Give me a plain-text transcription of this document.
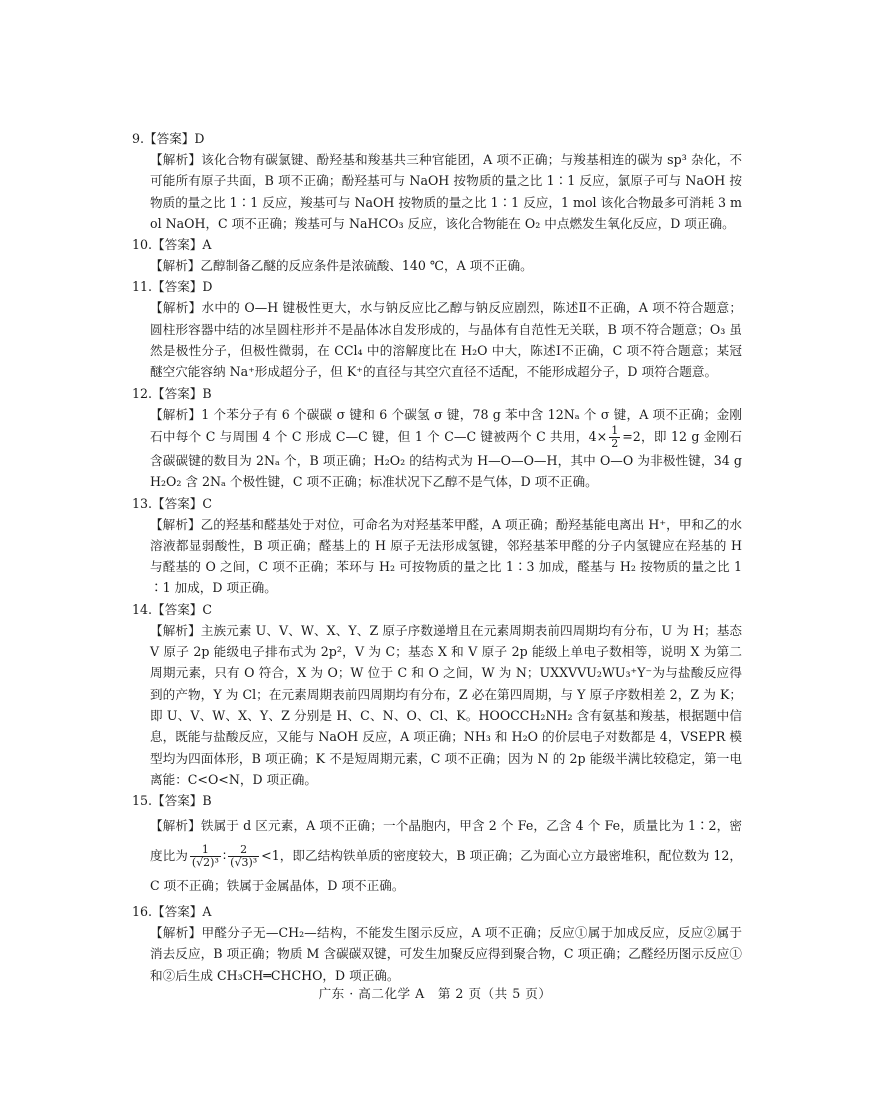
9.【答案】D

【解析】该化合物有碳氯键、酚羟基和羧基共三种官能团，A 项不正确；与羧基相连的碳为 sp³ 杂化，不可能所有原子共面，B 项不正确；酚羟基可与 NaOH 按物质的量之比 1∶1 反应，氯原子可与 NaOH 按物质的量之比 1∶1 反应，羧基可与 NaOH 按物质的量之比 1∶1 反应，1 mol 该化合物最多可消耗 3 mol NaOH，C 项不正确；羧基可与 NaHCO₃ 反应，该化合物能在 O₂ 中点燃发生氧化反应，D 项正确。

10.【答案】A

【解析】乙醇制备乙醚的反应条件是浓硫酸、140 ℃，A 项不正确。

11.【答案】D

【解析】水中的 O—H 键极性更大，水与钠反应比乙醇与钠反应剧烈，陈述Ⅱ不正确，A 项不符合题意；圆柱形容器中结的冰呈圆柱形并不是晶体冰自发形成的，与晶体有自范性无关联，B 项不符合题意；O₃ 虽然是极性分子，但极性微弱，在 CCl₄ 中的溶解度比在 H₂O 中大，陈述Ⅰ不正确，C 项不符合题意；某冠醚空穴能容纳 Na⁺形成超分子，但 K⁺的直径与其空穴直径不适配，不能形成超分子，D 项符合题意。

12.【答案】B

【解析】1 个苯分子有 6 个碳碳 σ 键和 6 个碳氢 σ 键，78 g 苯中含 12Nₐ 个 σ 键，A 项不正确；金刚石中每个 C 与周围 4 个 C 形成 C—C 键，但 1 个 C—C 键被两个 C 共用，$4\times \frac{1}{2} =2$，即 12 g 金刚石含碳碳键的数目为 2Nₐ 个，B 项正确；H₂O₂ 的结构式为 H—O—O—H，其中 O—O 为非极性键，34 g H₂O₂ 含 2Nₐ 个极性键，C 项不正确；标准状况下乙醇不是气体，D 项不正确。

13.【答案】C

【解析】乙的羟基和醛基处于对位，可命名为对羟基苯甲醛，A 项正确；酚羟基能电离出 H⁺，甲和乙的水溶液都显弱酸性，B 项正确；醛基上的 H 原子无法形成氢键，邻羟基苯甲醛的分子内氢键应在羟基的 H 与醛基的 O 之间，C 项不正确；苯环与 H₂ 可按物质的量之比 1∶3 加成，醛基与 H₂ 按物质的量之比 1∶1 加成，D 项正确。

14.【答案】C

【解析】主族元素 U、V、W、X、Y、Z 原子序数递增且在元素周期表前四周期均有分布，U 为 H；基态 V 原子 2p 能级电子排布式为 2p²，V 为 C；基态 X 和 V 原子 2p 能级上单电子数相等，说明 X 为第二周期元素，只有 O 符合，X 为 O；W 位于 C 和 O 之间，W 为 N；UXXVVU₂WU₃⁺Y⁻为与盐酸反应得到的产物，Y 为 Cl；在元素周期表前四周期均有分布，Z 必在第四周期，与 Y 原子序数相差 2，Z 为 K；即 U、V、W、X、Y、Z 分别是 H、C、N、O、Cl、K。HOOCCH₂NH₂ 含有氨基和羧基，根据题中信息，既能与盐酸反应，又能与 NaOH 反应，A 项正确；NH₃ 和 H₂O 的价层电子对数都是 4，VSEPR 模型均为四面体形，B 项正确；K 不是短周期元素，C 项不正确；因为 N 的 2p 能级半满比较稳定，第一电离能：C<O<N，D 项正确。

15.【答案】B

【解析】铁属于 d 区元素，A 项不正确；一个晶胞内，甲含 2 个 Fe，乙含 4 个 Fe，质量比为 1∶2，密度比为 $\frac{1}{\text{(√2)³}}$ ∶ $\frac{2}{\text{(√3)³}} <1$，即乙结构铁单质的密度较大，B 项正确；乙为面心立方最密堆积，配位数为 12，C 项不正确；铁属于金属晶体，D 项不正确。

16.【答案】A

【解析】甲醛分子无—CH₂—结构，不能发生图示反应，A 项不正确；反应①属于加成反应，反应②属于消去反应，B 项正确；物质 M 含碳碳双键，可发生加聚反应得到聚合物，C 项正确；乙醛经历图示反应①和②后生成 CH₃CH═CHCHO，D 项正确。

广东 · 高二化学 A　第 2 页（共 5 页）
